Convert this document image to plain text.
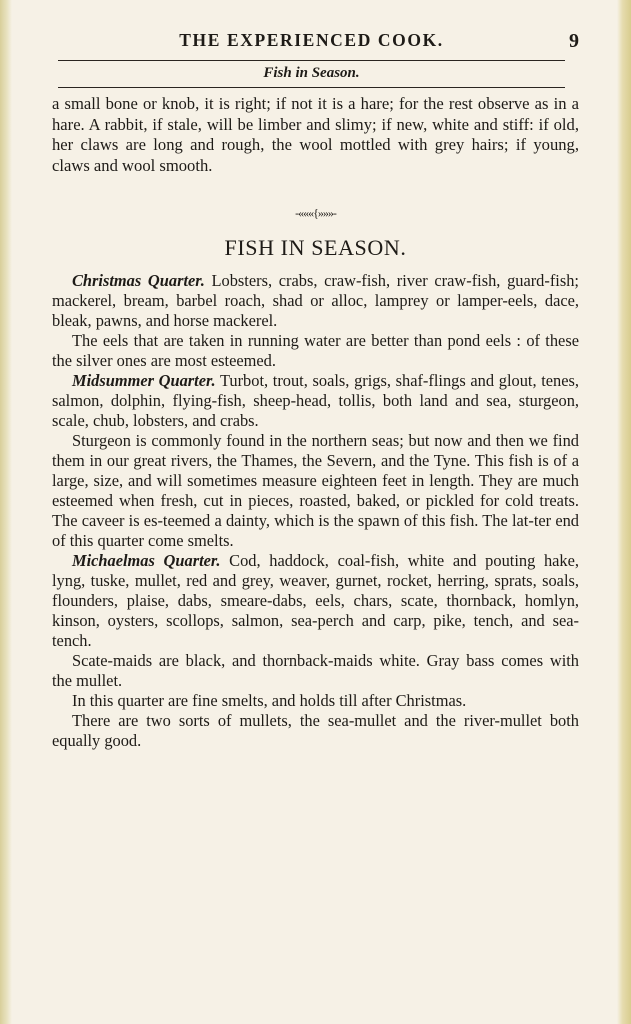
THE EXPERIENCED COOK.	9
Fish in Season.

a small bone or knob, it is right; if not it is a hare; for the rest observe as in a hare. A rabbit, if stale, will be limber and slimy; if new, white and stiff: if old, her claws are long and rough, the wool mottled with grey hairs; if young, claws and wool smooth.

-«««{»»»-
FISH IN SEASON.

Christmas Quarter. Lobsters, crabs, craw-fish, river craw-fish, guard-fish; mackerel, bream, barbel roach, shad or alloc, lamprey or lamper-eels, dace, bleak, pawns, and horse mackerel.

The eels that are taken in running water are better than pond eels : of these the silver ones are most esteemed.

Midsummer Quarter. Turbot, trout, soals, grigs, shaf-flings and glout, tenes, salmon, dolphin, flying-fish, sheep-head, tollis, both land and sea, sturgeon, scale, chub, lobsters, and crabs.

Sturgeon is commonly found in the northern seas; but now and then we find them in our great rivers, the Thames, the Severn, and the Tyne. This fish is of a large, size, and will sometimes measure eighteen feet in length. They are much esteemed when fresh, cut in pieces, roasted, baked, or pickled for cold treats. The caveer is es-teemed a dainty, which is the spawn of this fish. The lat-ter end of this quarter come smelts.

Michaelmas Quarter. Cod, haddock, coal-fish, white and pouting hake, lyng, tuske, mullet, red and grey, weaver, gurnet, rocket, herring, sprats, soals, flounders, plaise, dabs, smeare-dabs, eels, chars, scate, thornback, homlyn, kinson, oysters, scollops, salmon, sea-perch and carp, pike, tench, and sea-tench.

Scate-maids are black, and thornback-maids white. Gray bass comes with the mullet.

In this quarter are fine smelts, and holds till after Christmas.

There are two sorts of mullets, the sea-mullet and the river-mullet both equally good.
